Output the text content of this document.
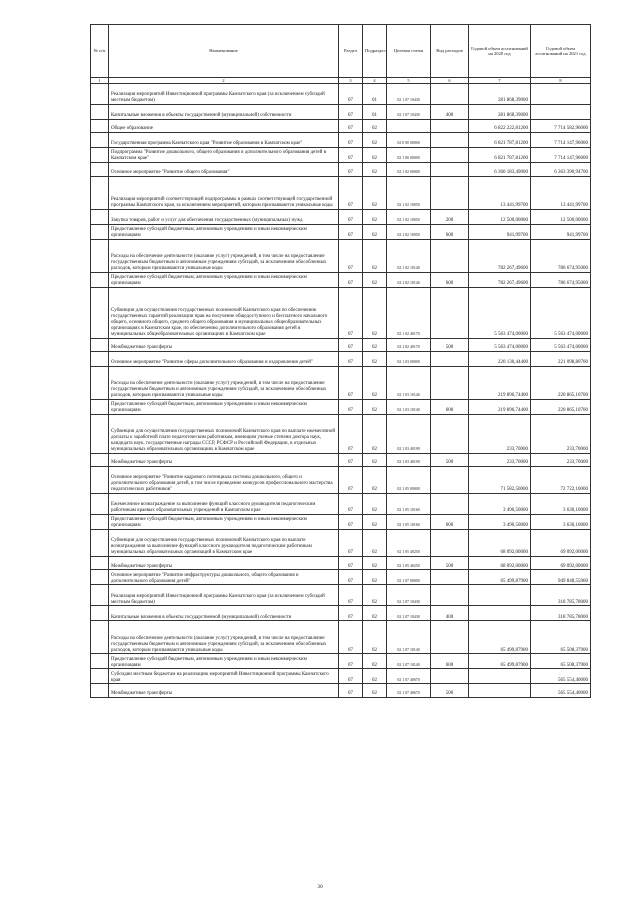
№ п/п	Наименование	Раздел	Подраздел	Целевая статья	Вид расходов	Годовой объем ассигнований на 2020 год	Годовой объем ассигнований на 2021 год
1	2	3	4	5	6	7	8
	Реализация мероприятий Инвестиционной программы Камчатского края (за исключением субсидий местным бюджетам)	07	01	02 1 07 10430		281 868,39000	
	Капитальные вложения в объекты государственной (муниципальной) собственности	07	01	02 1 07 10430	400	281 868,39000	
	Общее образование	07	02			6 822 222,81200	7 714 582,96000
	Государственная программа Камчатского края "Развитие образования в Камчатском крае"	07	02	02 0 00 00000		6 821 787,81200	7 714 147,96000
	Подпрограмма "Развитие дошкольного, общего образования и дополнительного образования детей в Камчатском крае"	07	02	02 1 00 00000		6 821 787,81200	7 714 147,96000
	Основное мероприятие "Развитие общего образования"	07	02	02 1 02 00000		6 360 183,49000	6 363 390,94700
	Реализация мероприятий соответствующей подпрограммы в рамках соответствующей государственной программы Камчатского края, за исключением мероприятий, которым присваиваются уникальные коды	07	02	02 1 02 10050		13 441,99700	13 441,99700
	Закупка товаров, работ и услуг для обеспечения государственных (муниципальных) нужд	07	02	02 1 02 10050	200	12 500,00000	12 500,00000
	Предоставление субсидий бюджетным, автономным учреждениям и иным некоммерческим организациям	07	02	02 1 02 10050	600	941,99700	941,99700
	Расходы на обеспечение деятельности (оказание услуг) учреждений, в том числе на предоставление государственным бюджетным и автономным учреждениям субсидий, за исключением обособленных расходов, которым присваиваются уникальные коды	07	02	02 1 02 10140		782 267,49600	786 674,95000
	Предоставление субсидий бюджетным, автономным учреждениям и иным некоммерческим организациям	07	02	02 1 02 10140	600	782 267,49600	786 674,95000
	Субвенции для осуществления государственных полномочий Камчатского края по обеспечению государственных гарантий реализации прав на получение общедоступного и бесплатного начального общего, основного общего, среднего общего образования в муниципальных общеобразовательных организациях в Камчатском крае, по обеспечению дополнительного образования детей в муниципальных общеобразовательных организациях в Камчатском крае	07	02	02 1 02 40170		5 563 474,00000	5 563 474,00000
	Межбюджетные трансферты	07	02	02 1 02 40170	500	5 563 474,00000	5 563 474,00000
	Основное мероприятие "Развитие сферы дополнительного образования и оздоровления детей"	07	02	02 1 03 00000		220 130,44400	221 098,80700
	Расходы на обеспечение деятельности (оказание услуг) учреждений, в том числе на предоставление государственным бюджетным и автономным учреждениям субсидий, за исключением обособленных расходов, которым присваиваются уникальные коды	07	02	02 1 03 10140		219 896,74400	220 865,10700
	Предоставление субсидий бюджетным, автономным учреждениям и иным некоммерческим организациям	07	02	02 1 03 10140	600	219 896,74400	220 865,10700
	Субвенции для осуществления государственных полномочий Камчатского края по выплате ежемесячной доплаты к заработной плате педагогическим работникам, имеющим ученые степени доктора наук, кандидата наук, государственные награды СССР, РСФСР и Российской Федерации, в отдельных муниципальных образовательных организациях в Камчатском крае	07	02	02 1 03 40190		233,70000	233,70000
	Межбюджетные трансферты	07	02	02 1 03 40190	500	233,70000	233,70000
	Основное мероприятие "Развитие кадрового потенциала системы дошкольного, общего и дополнительного образования детей, в том числе проведение конкурсов профессионального мастерства педагогических работников"	07	02	02 1 05 00000		71 582,50000	72 722,10000
	Ежемесячное вознаграждение за выполнение функций классного руководителя педагогическим работникам краевых образовательных учреждений в Камчатском крае	07	02	02 1 05 10160		3 490,50000	3 630,10000
	Предоставление субсидий бюджетным, автономным учреждениям и иным некоммерческим организациям	07	02	02 1 05 10160	600	3 490,50000	3 630,10000
	Субвенции для осуществления государственных полномочий Камчатского края по выплате вознаграждения за выполнение функций классного руководителя педагогическим работникам муниципальных образовательных организаций в Камчатском крае	07	02	02 1 05 40250		68 092,00000	69 092,00000
	Межбюджетные трансферты	07	02	02 1 05 40250	500	68 092,00000	69 092,00000
	Основное мероприятие "Развитие инфраструктуры дошкольного, общего образования и дополнительного образования детей"	07	02	02 1 07 00000		65 499,87900	949 848,55960
	Реализация мероприятий Инвестиционной программы Камчатского края (за исключением субсидий местным бюджетам)	07	02	02 1 07 10430			318 785,78000
	Капитальные вложения в объекты государственной (муниципальной) собственности	07	02	02 1 07 10430	400		318 785,78000
	Расходы на обеспечение деятельности (оказание услуг) учреждений, в том числе на предоставление государственным бюджетным и автономным учреждениям субсидий, за исключением обособленных расходов, которым присваиваются уникальные коды	07	02	02 1 07 10140		65 499,87900	65 508,37900
	Предоставление субсидий бюджетным, автономным учреждениям и иным некоммерческим организациям	07	02	02 1 07 10140	600	65 499,87900	65 508,37900
	Субсидии местным бюджетам на реализацию мероприятий Инвестиционной программы Камчатского края	07	02	02 1 07 40670			565 554,40000
	Межбюджетные трансферты	07	02	02 1 07 40670	500		565 554,40000
30
